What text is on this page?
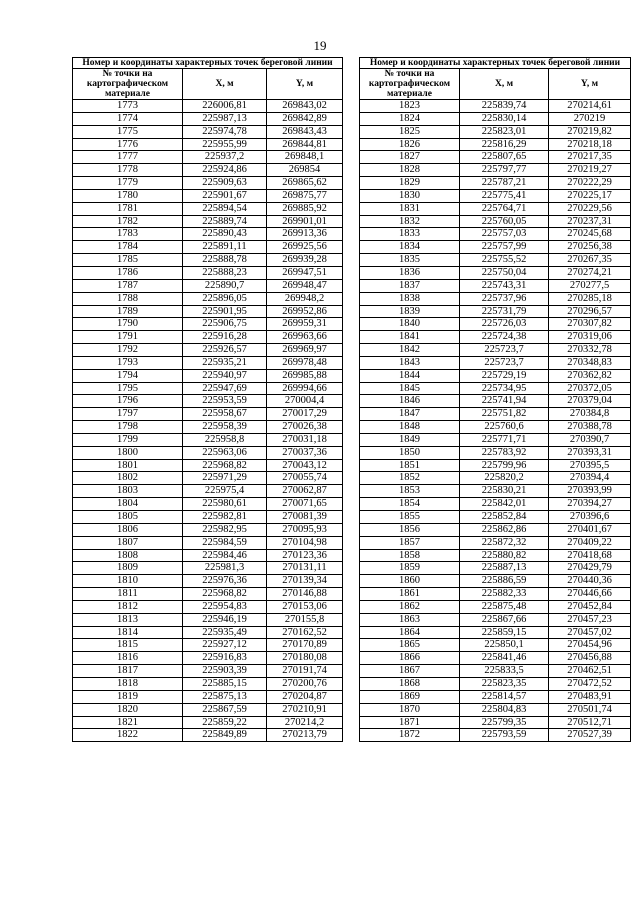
19
Номер и координаты характерных точек береговой линии		
№ точки на картографическом материале	X, м	Y, м
1773	226006,81	269843,02
1774	225987,13	269842,89
1775	225974,78	269843,43
1776	225955,99	269844,81
1777	225937,2	269848,1
1778	225924,86	269854
1779	225909,63	269865,62
1780	225901,67	269875,77
1781	225894,54	269885,92
1782	225889,74	269901,01
1783	225890,43	269913,36
1784	225891,11	269925,56
1785	225888,78	269939,28
1786	225888,23	269947,51
1787	225890,7	269948,47
1788	225896,05	269948,2
1789	225901,95	269952,86
1790	225906,75	269959,31
1791	225916,28	269963,66
1792	225926,57	269969,97
1793	225935,21	269978,48
1794	225940,97	269985,88
1795	225947,69	269994,66
1796	225953,59	270004,4
1797	225958,67	270017,29
1798	225958,39	270026,38
1799	225958,8	270031,18
1800	225963,06	270037,36
1801	225968,82	270043,12
1802	225971,29	270055,74
1803	225975,4	270062,87
1804	225980,61	270071,65
1805	225982,81	270081,39
1806	225982,95	270095,93
1807	225984,59	270104,98
1808	225984,46	270123,36
1809	225981,3	270131,11
1810	225976,36	270139,34
1811	225968,82	270146,88
1812	225954,83	270153,06
1813	225946,19	270155,8
1814	225935,49	270162,52
1815	225927,12	270170,89
1816	225916,83	270180,08
1817	225903,39	270191,74
1818	225885,15	270200,76
1819	225875,13	270204,87
1820	225867,59	270210,91
1821	225859,22	270214,2
1822	225849,89	270213,79
Номер и координаты характерных точек береговой линии		
№ точки на картографическом материале	X, м	Y, м
1823	225839,74	270214,61
1824	225830,14	270219
1825	225823,01	270219,82
1826	225816,29	270218,18
1827	225807,65	270217,35
1828	225797,77	270219,27
1829	225787,21	270222,29
1830	225775,41	270225,17
1831	225764,71	270229,56
1832	225760,05	270237,31
1833	225757,03	270245,68
1834	225757,99	270256,38
1835	225755,52	270267,35
1836	225750,04	270274,21
1837	225743,31	270277,5
1838	225737,96	270285,18
1839	225731,79	270296,57
1840	225726,03	270307,82
1841	225724,38	270319,06
1842	225723,7	270332,78
1843	225723,7	270348,83
1844	225729,19	270362,82
1845	225734,95	270372,05
1846	225741,94	270379,04
1847	225751,82	270384,8
1848	225760,6	270388,78
1849	225771,71	270390,7
1850	225783,92	270393,31
1851	225799,96	270395,5
1852	225820,2	270394,4
1853	225830,21	270393,99
1854	225842,01	270394,27
1855	225852,84	270396,6
1856	225862,86	270401,67
1857	225872,32	270409,22
1858	225880,82	270418,68
1859	225887,13	270429,79
1860	225886,59	270440,36
1861	225882,33	270446,66
1862	225875,48	270452,84
1863	225867,66	270457,23
1864	225859,15	270457,02
1865	225850,1	270454,96
1866	225841,46	270456,88
1867	225833,5	270462,51
1868	225823,35	270472,52
1869	225814,57	270483,91
1870	225804,83	270501,74
1871	225799,35	270512,71
1872	225793,59	270527,39
